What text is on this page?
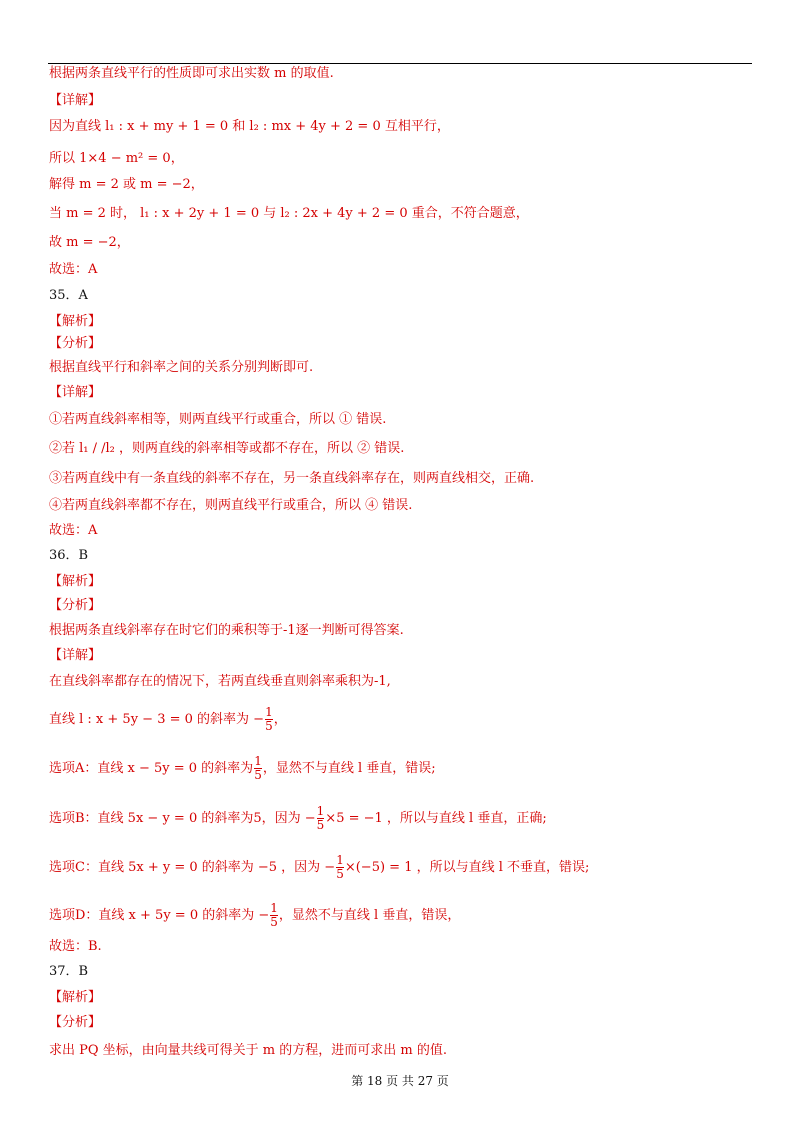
根据两条直线平行的性质即可求出实数 m 的取值.
【详解】
因为直线 l₁ : x + my + 1 = 0 和 l₂ : mx + 4y + 2 = 0 互相平行，
所以 1×4 − m² = 0，
解得 m = 2 或 m = −2，
当 m = 2 时， l₁ : x + 2y + 1 = 0 与 l₂ : 2x + 4y + 2 = 0 重合，不符合题意，
故 m = −2，
故选：A
35．A
【解析】
【分析】
根据直线平行和斜率之间的关系分别判断即可.
【详解】
①若两直线斜率相等，则两直线平行或重合，所以 ① 错误.
②若 l₁ / /l₂ ，则两直线的斜率相等或都不存在，所以 ② 错误.
③若两直线中有一条直线的斜率不存在，另一条直线斜率存在，则两直线相交，正确.
④若两直线斜率都不存在，则两直线平行或重合，所以 ④ 错误.
故选：A
36．B
【解析】
【分析】
根据两条直线斜率存在时它们的乘积等于-1逐一判断可得答案.
【详解】
在直线斜率都存在的情况下，若两直线垂直则斜率乘积为-1,
直线 l : x + 5y − 3 = 0 的斜率为 − $\frac{1}{5}$ ，
选项A：直线 x − 5y = 0 的斜率为 $\frac{1}{5}$ ，显然不与直线 l 垂直，错误;
选项B：直线 5x − y = 0 的斜率为5，因为 − $\frac{1}{5} \times 5 = -1$ ，所以与直线 l 垂直，正确;
选项C：直线 5x + y = 0 的斜率为 −5 ，因为 − $\frac{1}{5} \times(-5) = 1$ ，所以与直线 l 不垂直，错误;
选项D：直线 x + 5y = 0 的斜率为 − $\frac{1}{5}$ ，显然不与直线 l 垂直，错误，
故选：B.
37．B
【解析】
【分析】
求出 PQ 坐标，由向量共线可得关于 m 的方程，进而可求出 m 的值.
第 18 页 共 27 页
